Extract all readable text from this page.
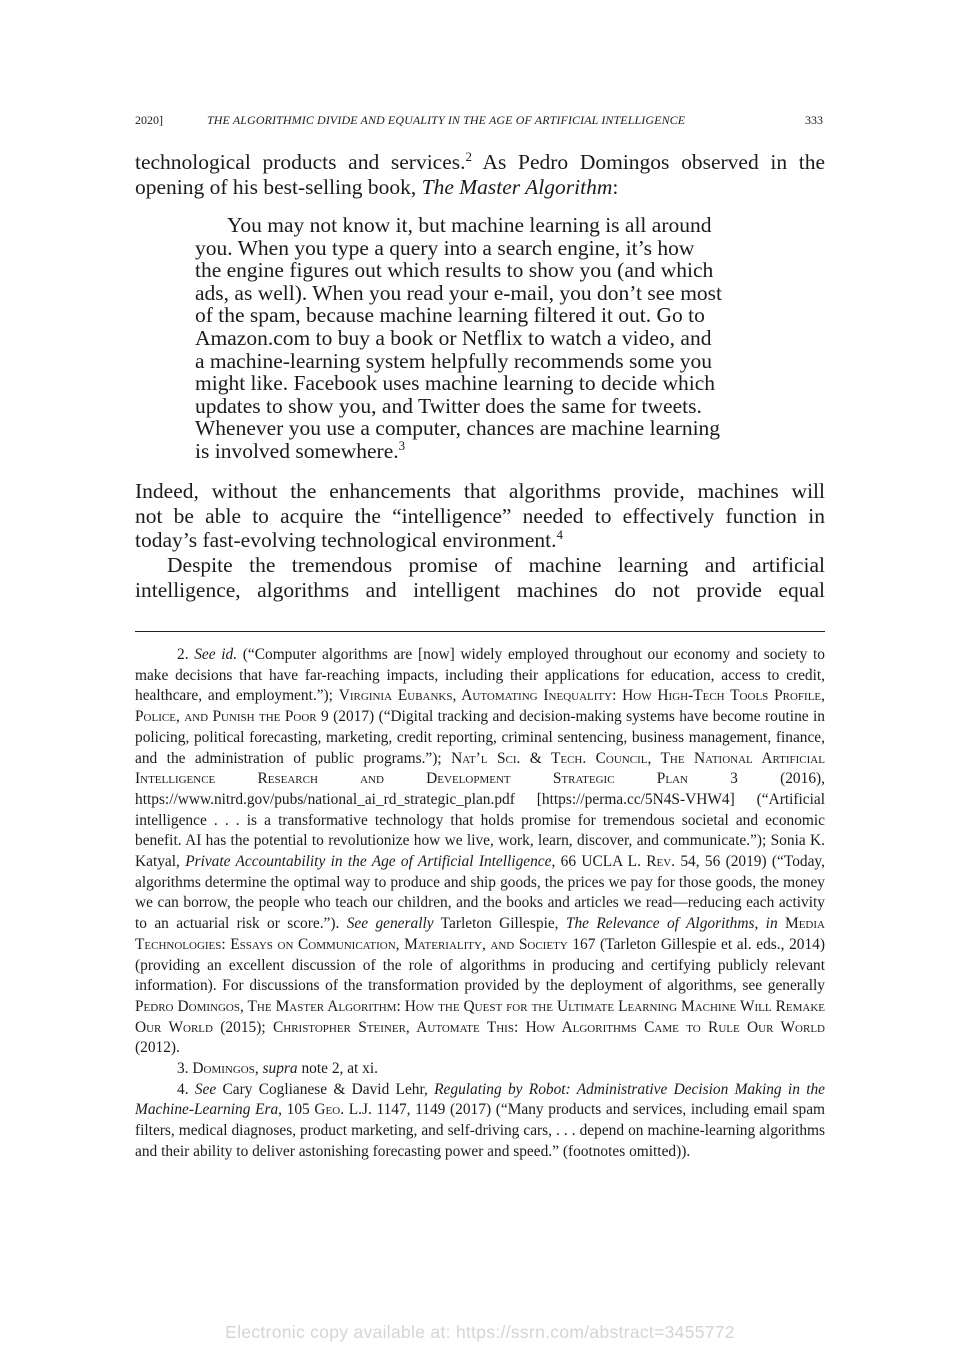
2020]	THE ALGORITHMIC DIVIDE AND EQUALITY IN THE AGE OF ARTIFICIAL INTELLIGENCE	333
technological products and services.$^2$ As Pedro Domingos observed in the
opening of his best-selling book, The Master Algorithm:
You may not know it, but machine learning is all around
you. When you type a query into a search engine, it’s how
the engine figures out which results to show you (and which
ads, as well). When you read your e-mail, you don’t see most
of the spam, because machine learning filtered it out. Go to
Amazon.com to buy a book or Netflix to watch a video, and
a machine-learning system helpfully recommends some you
might like. Facebook uses machine learning to decide which
updates to show you, and Twitter does the same for tweets.
Whenever you use a computer, chances are machine learning
is involved somewhere.$^3$
Indeed, without the enhancements that algorithms provide, machines will
not be able to acquire the “intelligence” needed to effectively function in
today’s fast-evolving technological environment.$^4$
Despite the tremendous promise of machine learning and artificial
intelligence, algorithms and intelligent machines do not provide equal

2. See id. (“Computer algorithms are [now] widely employed throughout our economy and society to make decisions that have far-reaching impacts, including their applications for education, access to credit, healthcare, and employment.”); Virginia Eubanks, Automating Inequality: How High-Tech Tools Profile, Police, and Punish the Poor 9 (2017) (“Digital tracking and decision-making systems have become routine in policing, political forecasting, marketing, credit reporting, criminal sentencing, business management, finance, and the administration of public programs.”); Nat’l Sci. & Tech. Council, The National Artificial Intelligence Research and Development Strategic Plan 3 (2016), https://www.nitrd.gov/pubs/national_ai_rd_strategic_plan.pdf [https://perma.cc/5N4S-VHW4] (“Artificial intelligence . . . is a transformative technology that holds promise for tremendous societal and economic benefit. AI has the potential to revolutionize how we live, work, learn, discover, and communicate.”); Sonia K. Katyal, Private Accountability in the Age of Artificial Intelligence, 66 UCLA L. Rev. 54, 56 (2019) (“Today, algorithms determine the optimal way to produce and ship goods, the prices we pay for those goods, the money we can borrow, the people who teach our children, and the books and articles we read—reducing each activity to an actuarial risk or score.”). See generally Tarleton Gillespie, The Relevance of Algorithms, in Media Technologies: Essays on Communication, Materiality, and Society 167 (Tarleton Gillespie et al. eds., 2014) (providing an excellent discussion of the role of algorithms in producing and certifying publicly relevant information). For discussions of the transformation provided by the deployment of algorithms, see generally Pedro Domingos, The Master Algorithm: How the Quest for the Ultimate Learning Machine Will Remake Our World (2015); Christopher Steiner, Automate This: How Algorithms Came to Rule Our World (2012).

3. Domingos, supra note 2, at xi.

4. See Cary Coglianese & David Lehr, Regulating by Robot: Administrative Decision Making in the Machine-Learning Era, 105 Geo. L.J. 1147, 1149 (2017) (“Many products and services, including email spam filters, medical diagnoses, product marketing, and self-driving cars, . . . depend on machine-learning algorithms and their ability to deliver astonishing forecasting power and speed.” (footnotes omitted)).

Electronic copy available at: https://ssrn.com/abstract=3455772
